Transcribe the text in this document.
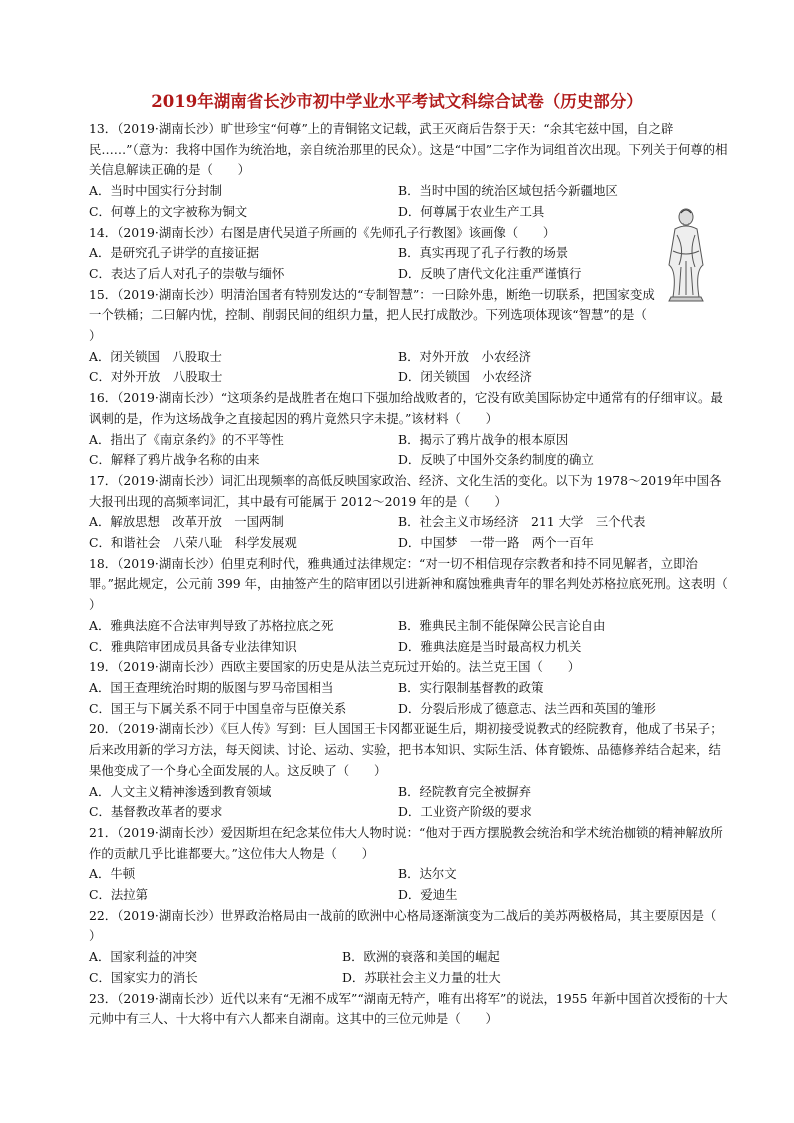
2019年湖南省长沙市初中学业水平考试文科综合试卷（历史部分）

13．（2019·湖南长沙）旷世珍宝“何尊”上的青铜铭文记载，武王灭商后告祭于天：“余其宅兹中国，自之辟民……”（意为：我将中国作为统治地，亲自统治那里的民众）。这是“中国”二字作为词组首次出现。下列关于何尊的相关信息解读正确的是（　　）

A．当时中国实行分封制	B．当时中国的统治区域包括今新疆地区
C．何尊上的文字被称为铜文	D．何尊属于农业生产工具

14．（2019·湖南长沙）右图是唐代吴道子所画的《先师孔子行教图》该画像（　　）

A．是研究孔子讲学的直接证据	B．真实再现了孔子行教的场景
C．表达了后人对孔子的崇敬与缅怀	D．反映了唐代文化注重严谨慎行

15．（2019·湖南长沙）明清治国者有特别发达的“专制智慧”：一曰除外患，断绝一切联系，把国家变成一个铁桶；二曰解内忧，控制、削弱民间的组织力量，把人民打成散沙。下列选项体现该“智慧”的是（　　）

A．闭关锁国　八股取士	B．对外开放　小农经济
C．对外开放　八股取士	D．闭关锁国　小农经济

16．（2019·湖南长沙）“这项条约是战胜者在炮口下强加给战败者的，它没有欧美国际协定中通常有的仔细审议。最讽刺的是，作为这场战争之直接起因的鸦片竟然只字未提。”该材料（　　）

A．指出了《南京条约》的不平等性	B．揭示了鸦片战争的根本原因
C．解释了鸦片战争名称的由来	D．反映了中国外交条约制度的确立

17．（2019·湖南长沙）词汇出现频率的高低反映国家政治、经济、文化生活的变化。以下为 1978～2019年中国各大报刊出现的高频率词汇，其中最有可能属于 2012～2019 年的是（　　）

A．解放思想　改革开放　一国两制	B．社会主义市场经济　211 大学　三个代表
C．和谐社会　八荣八耻　科学发展观	D．中国梦　一带一路　两个一百年

18．（2019·湖南长沙）伯里克利时代，雅典通过法律规定：“对一切不相信现存宗教者和持不同见解者，立即治罪。”据此规定，公元前 399 年，由抽签产生的陪审团以引进新神和腐蚀雅典青年的罪名判处苏格拉底死刑。这表明（　　）

A．雅典法庭不合法审判导致了苏格拉底之死	B．雅典民主制不能保障公民言论自由
C．雅典陪审团成员具备专业法律知识	D．雅典法庭是当时最高权力机关

19．（2019·湖南长沙）西欧主要国家的历史是从法兰克玩过开始的。法兰克王国（　　）

A．国王查理统治时期的版图与罗马帝国相当	B．实行限制基督教的政策
C．国王与下属关系不同于中国皇帝与臣僚关系	D．分裂后形成了德意志、法兰西和英国的雏形

20．（2019·湖南长沙）《巨人传》写到：巨人国国王卡冈都亚诞生后，期初接受说教式的经院教育，他成了书呆子；后来改用新的学习方法，每天阅读、讨论、运动、实验，把书本知识、实际生活、体育锻炼、品德修养结合起来，结果他变成了一个身心全面发展的人。这反映了（　　）

A．人文主义精神渗透到教育领域	B．经院教育完全被摒弃
C．基督教改革者的要求	D．工业资产阶级的要求

21．（2019·湖南长沙）爱因斯坦在纪念某位伟大人物时说：“他对于西方摆脱教会统治和学术统治枷锁的精神解放所作的贡献几乎比谁都要大。”这位伟大人物是（　　）

A．牛顿	B．达尔文
C．法拉第	D．爱迪生

22．（2019·湖南长沙）世界政治格局由一战前的欧洲中心格局逐渐演变为二战后的美苏两极格局，其主要原因是（　　）

A．国家利益的冲突	B．欧洲的衰落和美国的崛起
C．国家实力的消长	D．苏联社会主义力量的壮大

23．（2019·湖南长沙）近代以来有“无湘不成军”“湖南无特产，唯有出将军”的说法，1955 年新中国首次授衔的十大元帅中有三人、十大将中有六人都来自湖南。这其中的三位元帅是（　　）
